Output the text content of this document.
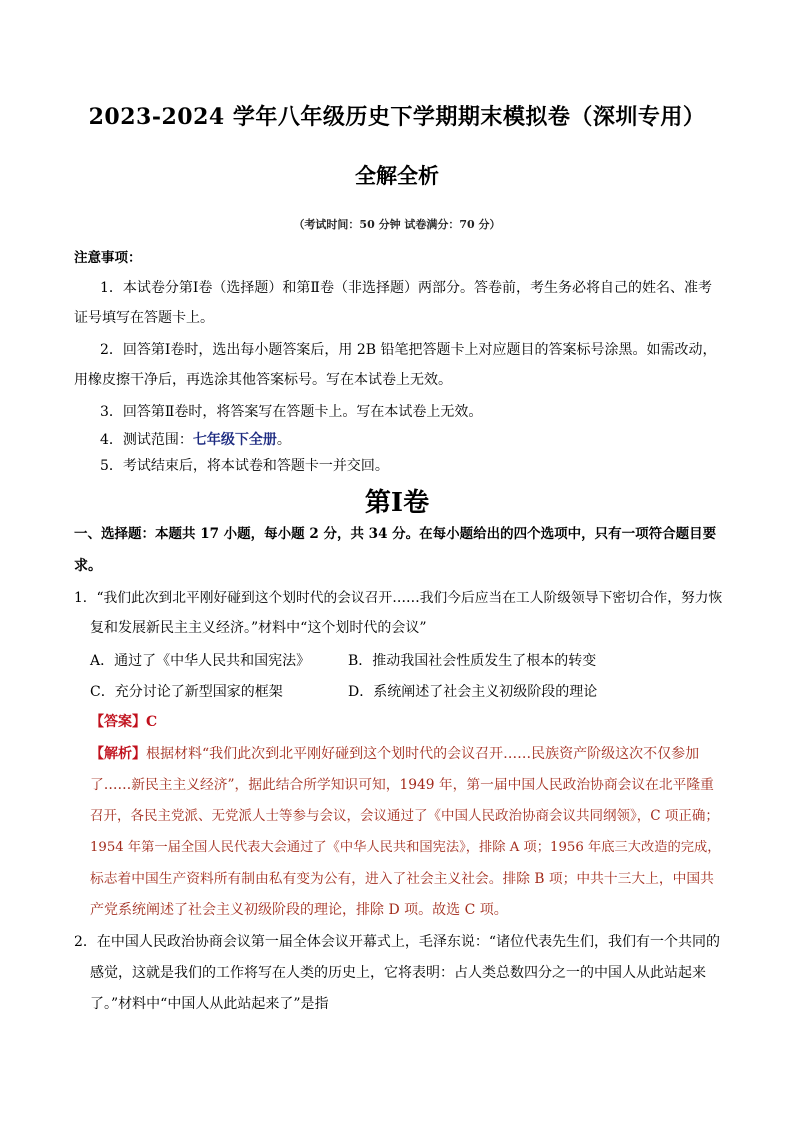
2023-2024 学年八年级历史下学期期末模拟卷（深圳专用）
全解全析
（考试时间：50 分钟 试卷满分：70 分）
注意事项：
1．本试卷分第Ⅰ卷（选择题）和第Ⅱ卷（非选择题）两部分。答卷前，考生务必将自己的姓名、准考
证号填写在答题卡上。
2．回答第Ⅰ卷时，选出每小题答案后，用 2B 铅笔把答题卡上对应题目的答案标号涂黑。如需改动，
用橡皮擦干净后，再选涂其他答案标号。写在本试卷上无效。
3．回答第Ⅱ卷时，将答案写在答题卡上。写在本试卷上无效。
4．测试范围：七年级下全册。
5．考试结束后，将本试卷和答题卡一并交回。
第Ⅰ卷
一、选择题：本题共 17 小题，每小题 2 分，共 34 分。在每小题给出的四个选项中，只有一项符合题目要
求。
1．“我们此次到北平刚好碰到这个划时代的会议召开……我们今后应当在工人阶级领导下密切合作，努力恢
复和发展新民主主义经济。”材料中“这个划时代的会议”
A．通过了《中华人民共和国宪法》	B．推动我国社会性质发生了根本的转变
C．充分讨论了新型国家的框架	D．系统阐述了社会主义初级阶段的理论
【答案】C
【解析】根据材料“我们此次到北平刚好碰到这个划时代的会议召开……民族资产阶级这次不仅参加
了……新民主主义经济”，据此结合所学知识可知，1949 年，第一届中国人民政治协商会议在北平隆重
召开，各民主党派、无党派人士等参与会议，会议通过了《中国人民政治协商会议共同纲领》，C 项正确；
1954 年第一届全国人民代表大会通过了《中华人民共和国宪法》，排除 A 项；1956 年底三大改造的完成，
标志着中国生产资料所有制由私有变为公有，进入了社会主义社会。排除 B 项；中共十三大上，中国共
产党系统阐述了社会主义初级阶段的理论，排除 D 项。故选 C 项。
2．在中国人民政治协商会议第一届全体会议开幕式上，毛泽东说：“诸位代表先生们，我们有一个共同的
感觉，这就是我们的工作将写在人类的历史上，它将表明：占人类总数四分之一的中国人从此站起来
了。”材料中“中国人从此站起来了”是指
